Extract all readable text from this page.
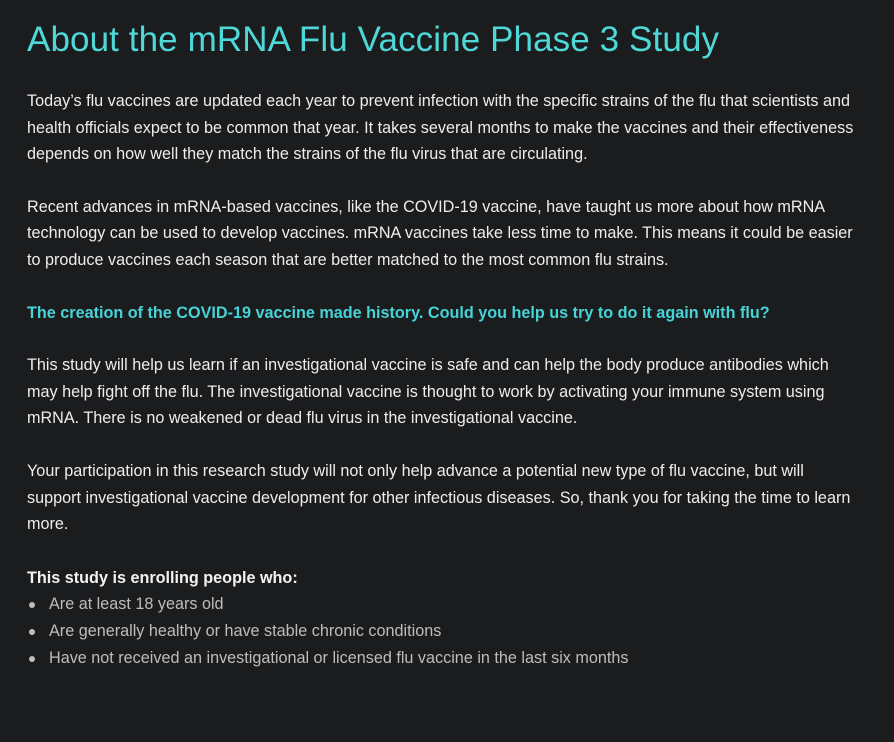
About the mRNA Flu Vaccine Phase 3 Study

Today’s flu vaccines are updated each year to prevent infection with the specific strains of the flu that scientists and health officials expect to be common that year. It takes several months to make the vaccines and their effectiveness depends on how well they match the strains of the flu virus that are circulating.

Recent advances in mRNA-based vaccines, like the COVID-19 vaccine, have taught us more about how mRNA technology can be used to develop vaccines. mRNA vaccines take less time to make. This means it could be easier to produce vaccines each season that are better matched to the most common flu strains.

The creation of the COVID-19 vaccine made history. Could you help us try to do it again with flu?

This study will help us learn if an investigational vaccine is safe and can help the body produce antibodies which may help fight off the flu. The investigational vaccine is thought to work by activating your immune system using mRNA. There is no weakened or dead flu virus in the investigational vaccine.

Your participation in this research study will not only help advance a potential new type of flu vaccine, but will support investigational vaccine development for other infectious diseases. So, thank you for taking the time to learn more.

This study is enrolling people who:

Are at least 18 years old
Are generally healthy or have stable chronic conditions
Have not received an investigational or licensed flu vaccine in the last six months
